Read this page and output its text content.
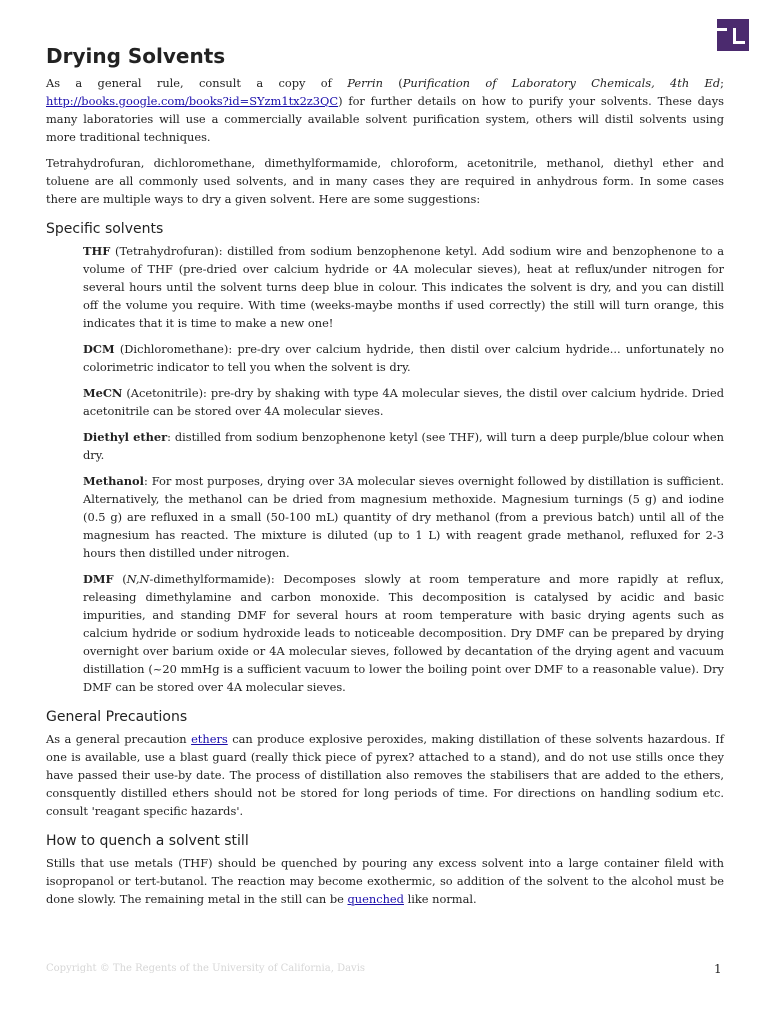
Drying Solvents

As a general rule, consult a copy of Perrin (Purification of Laboratory Chemicals, 4th Ed; http://books.google.com/books?id=SYzm1tx2z3QC) for further details on how to purify your solvents. These days many laboratories will use a commercially available solvent purification system, others will distil solvents using more traditional techniques.

Tetrahydrofuran, dichloromethane, dimethylformamide, chloroform, acetonitrile, methanol, diethyl ether and toluene are all commonly used solvents, and in many cases they are required in anhydrous form. In some cases there are multiple ways to dry a given solvent. Here are some suggestions:

Specific solvents

THF (Tetrahydrofuran): distilled from sodium benzophenone ketyl. Add sodium wire and benzophenone to a volume of THF (pre-dried over calcium hydride or 4A molecular sieves), heat at reflux/under nitrogen for several hours until the solvent turns deep blue in colour. This indicates the solvent is dry, and you can distill off the volume you require. With time (weeks-maybe months if used correctly) the still will turn orange, this indicates that it is time to make a new one!

DCM (Dichloromethane): pre-dry over calcium hydride, then distil over calcium hydride... unfortunately no colorimetric indicator to tell you when the solvent is dry.

MeCN (Acetonitrile): pre-dry by shaking with type 4A molecular sieves, the distil over calcium hydride. Dried acetonitrile can be stored over 4A molecular sieves.

Diethyl ether: distilled from sodium benzophenone ketyl (see THF), will turn a deep purple/blue colour when dry.

Methanol: For most purposes, drying over 3A molecular sieves overnight followed by distillation is sufficient. Alternatively, the methanol can be dried from magnesium methoxide. Magnesium turnings (5 g) and iodine (0.5 g) are refluxed in a small (50-100 mL) quantity of dry methanol (from a previous batch) until all of the magnesium has reacted. The mixture is diluted (up to 1 L) with reagent grade methanol, refluxed for 2-3 hours then distilled under nitrogen.

DMF (N,N-dimethylformamide): Decomposes slowly at room temperature and more rapidly at reflux, releasing dimethylamine and carbon monoxide. This decomposition is catalysed by acidic and basic impurities, and standing DMF for several hours at room temperature with basic drying agents such as calcium hydride or sodium hydroxide leads to noticeable decomposition. Dry DMF can be prepared by drying overnight over barium oxide or 4A molecular sieves, followed by decantation of the drying agent and vacuum distillation (~20 mmHg is a sufficient vacuum to lower the boiling point over DMF to a reasonable value). Dry DMF can be stored over 4A molecular sieves.

General Precautions

As a general precaution ethers can produce explosive peroxides, making distillation of these solvents hazardous. If one is available, use a blast guard (really thick piece of pyrex? attached to a stand), and do not use stills once they have passed their use-by date. The process of distillation also removes the stabilisers that are added to the ethers, consquently distilled ethers should not be stored for long periods of time. For directions on handling sodium etc. consult 'reagant specific hazards'.

How to quench a solvent still

Stills that use metals (THF) should be quenched by pouring any excess solvent into a large container fileld with isopropanol or tert-butanol. The reaction may become exothermic, so addition of the solvent to the alcohol must be done slowly. The remaining metal in the still can be quenched like normal.

Copyright © The Regents of the University of California, Davis	1
